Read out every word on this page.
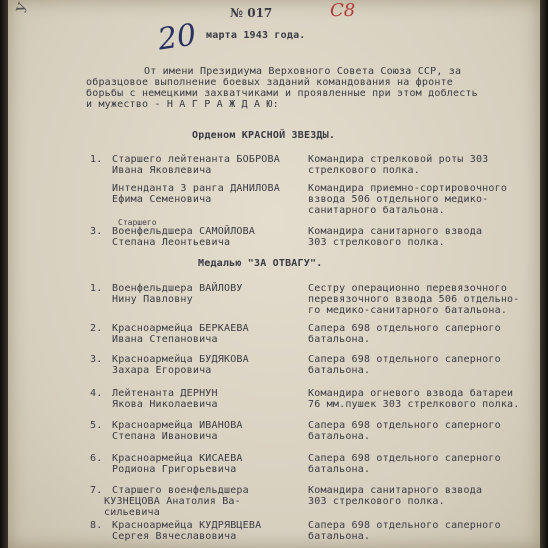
У	№ 017	C8
20 марта 1943 года.
От имени Президиума Верховного Совета Союза ССР, за
образцовое выполнение боевых заданий командования на фронте
борьбы с немецкими захватчиками и проявленные при этом доблесть
и мужество - Н А Г Р А Ж Д А Ю:
Орденом КРАСНОЙ ЗВЕЗДЫ.
1. Старшего лейтенанта БОБРОВА
Ивана Яковлевича
Командира стрелковой роты 303
стрелкового полка.
Интенданта 3 ранга ДАНИЛОВА
Ефима Семеновича
Командира приемно-сортировочного
взвода 506 отдельного медико-
санитарного батальона.
Старшего
3. Военфельдшера САМОЙЛОВА
Степана Леонтьевича
Командира санитарного взвода
303 стрелкового полка.
Медалью "ЗА ОТВАГУ".
1. Военфельдшера ВАЙЛОВУ
Нину Павловну
Сестру операционно перевязочного
перевязочного взвода 506 отдельно-
го медико-санитарного батальона.
2. Красноармейца БЕРКАЕВА
Ивана Степановича
Сапера 698 отдельного саперного
батальона.
3. Красноармейца БУДЯКОВА
Захара Егоровича
Сапера 698 отдельного саперного
батальона.
4. Лейтенанта ДЕРНУН
Якова Николаевича
Командира огневого взвода батареи
76 мм.пушек 303 стрелкового полка.
5. Красноармейца ИВАНОВА
Степана Ивановича
Сапера 698 отдельного саперного
батальона.
6. Красноармейца КИСАЕВА
Родиона Григорьевича
Сапера 698 отдельного саперного
батальона.
7. Старшего военфельдшера
КУЗНЕЦОВА Анатолия Ва-
сильевича
Командира санитарного взвода
303 стрелкового полка.
8. Красноармейца КУДРЯВЦЕВА
Сергея Вячеславовича
Сапера 698 отдельного саперного
батальона.
